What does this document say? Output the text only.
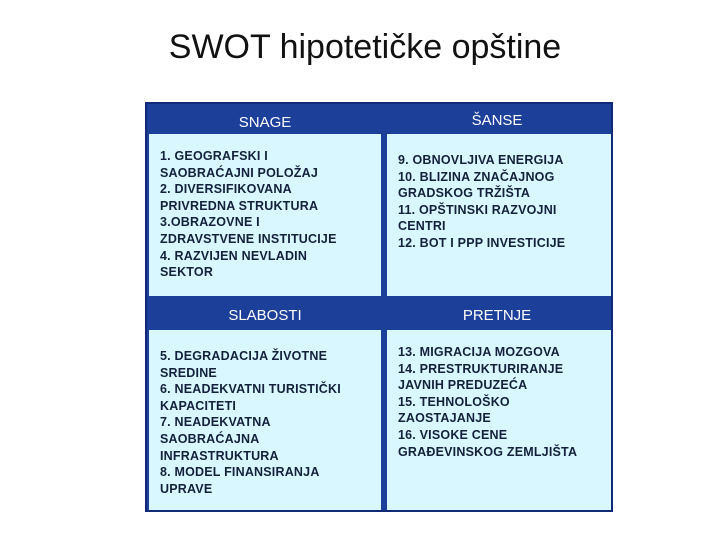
SWOT hipotetičke opštine
SNAGE	ŠANSE
SLABOSTI	PRETNJE
1. GEOGRAFSKI I
SAOBRAĆAJNI POLOŽAJ
2. DIVERSIFIKOVANA
PRIVREDNA STRUKTURA
3.OBRAZOVNE I
ZDRAVSTVENE INSTITUCIJE
4. RAZVIJEN NEVLADIN
SEKTOR
9. OBNOVLJIVA ENERGIJA
10. BLIZINA ZNAČAJNOG
GRADSKOG TRŽIŠTA
11. OPŠTINSKI RAZVOJNI
CENTRI
12. BOT I PPP INVESTICIJE
5. DEGRADACIJA ŽIVOTNE
SREDINE
6. NEADEKVATNI TURISTIČKI
KAPACITETI
7. NEADEKVATNA
SAOBRAĆAJNA
INFRASTRUKTURA
8. MODEL FINANSIRANJA
UPRAVE
13. MIGRACIJA MOZGOVA
14. PRESTRUKTURIRANJE
JAVNIH PREDUZEĆA
15. TEHNOLOŠKO
ZAOSTAJANJE
16. VISOKE CENE
GRAĐEVINSKOG ZEMLJIŠTA
